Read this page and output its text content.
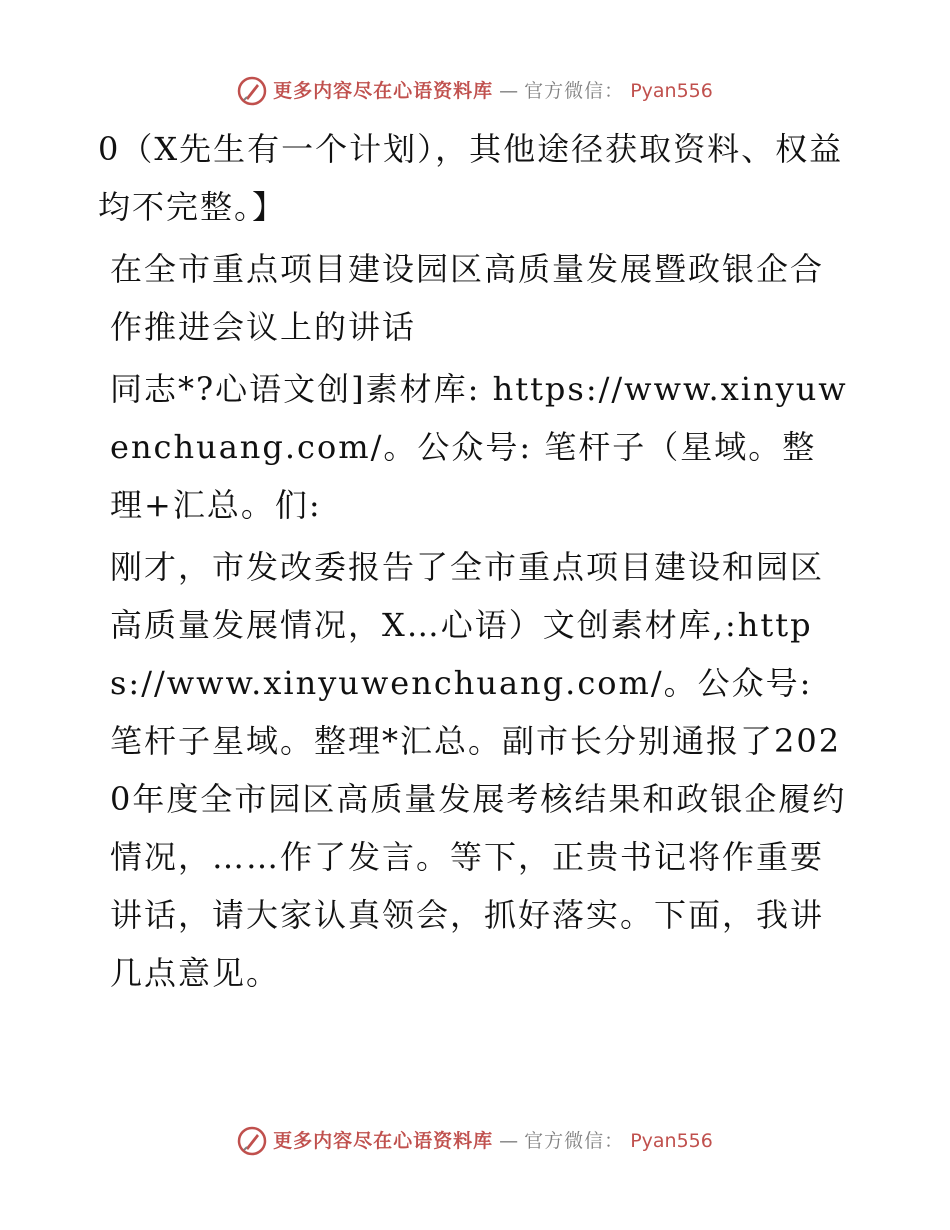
更多内容尽在心语资料库 — 官方微信： Pyan556

0（X先生有一个计划），其他途径获取资料、权益均不完整。】

在全市重点项目建设园区高质量发展暨政银企合作推进会议上的讲话

同志*?心语文创]素材库: https://www.xinyuwenchuang.com/。公众号: 笔杆子（星域。整理+汇总。们:

刚才，市发改委报告了全市重点项目建设和园区高质量发展情况，X…心语）文创素材库,:https://www.xinyuwenchuang.com/。公众号: 笔杆子星域。整理*汇总。副市长分别通报了2020年度全市园区高质量发展考核结果和政银企履约情况，……作了发言。等下，正贵书记将作重要讲话，请大家认真领会，抓好落实。下面，我讲几点意见。

更多内容尽在心语资料库 — 官方微信： Pyan556
